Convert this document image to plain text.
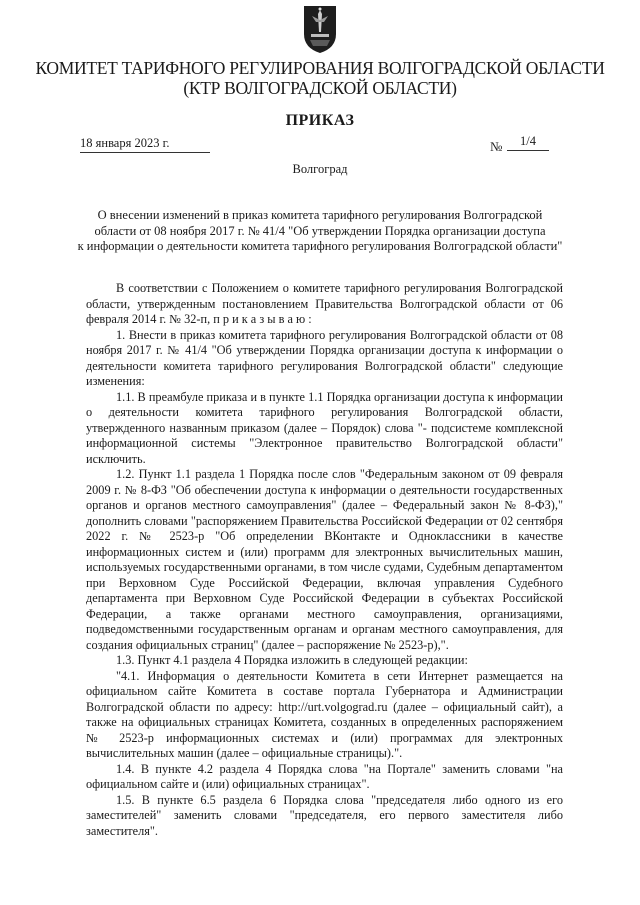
КОМИТЕТ ТАРИФНОГО РЕГУЛИРОВАНИЯ ВОЛГОГРАДСКОЙ ОБЛАСТИ
(КТР ВОЛГОГРАДСКОЙ ОБЛАСТИ)
ПРИКАЗ
18 января 2023 г.	№	1/4
Волгоград
О внесении изменений в приказ комитета тарифного регулирования Волгоградской
области от 08 ноября 2017 г. № 41/4 "Об утверждении Порядка организации доступа
к информации о деятельности комитета тарифного регулирования Волгоградской области"

В соответствии с Положением о комитете тарифного регулирования Волгоградской области, утвержденным постановлением Правительства Волгоградской области от 06 февраля 2014 г. № 32-п, п р и к а з ы в а ю :

1. Внести в приказ комитета тарифного регулирования Волгоградской области от 08 ноября 2017 г. № 41/4 "Об утверждении Порядка организации доступа к информации о деятельности комитета тарифного регулирования Волгоградской области" следующие изменения:

1.1. В преамбуле приказа и в пункте 1.1 Порядка организации доступа к информации о деятельности комитета тарифного регулирования Волгоградской области, утвержденного названным приказом (далее – Порядок) слова "- подсистеме комплексной информационной системы "Электронное правительство Волгоградской области" исключить.

1.2. Пункт 1.1 раздела 1 Порядка после слов "Федеральным законом от 09 февраля 2009 г. № 8-ФЗ "Об обеспечении доступа к информации о деятельности государственных органов и органов местного самоуправления" (далее – Федеральный закон № 8-ФЗ)," дополнить словами "распоряжением Правительства Российской Федерации от 02 сентября 2022 г. № 2523-р "Об определении ВКонтакте и Одноклассники в качестве информационных систем и (или) программ для электронных вычислительных машин, используемых государственными органами, в том числе судами, Судебным департаментом при Верховном Суде Российской Федерации, включая управления Судебного департамента при Верховном Суде Российской Федерации в субъектах Российской Федерации, а также органами местного самоуправления, организациями, подведомственными государственным органам и органам местного самоуправления, для создания официальных страниц" (далее – распоряжение № 2523-р),".

1.3. Пункт 4.1 раздела 4 Порядка изложить в следующей редакции:

"4.1. Информация о деятельности Комитета в сети Интернет размещается на официальном сайте Комитета в составе портала Губернатора и Администрации Волгоградской области по адресу: http://urt.volgograd.ru (далее – официальный сайт), а также на официальных страницах Комитета, созданных в определенных распоряжением № 2523-р информационных системах и (или) программах для электронных вычислительных машин (далее – официальные страницы).".

1.4. В пункте 4.2 раздела 4 Порядка слова "на Портале" заменить словами "на официальном сайте и (или) официальных страницах".

1.5. В пункте 6.5 раздела 6 Порядка слова "председателя либо одного из его заместителей" заменить словами "председателя, его первого заместителя либо заместителя".
